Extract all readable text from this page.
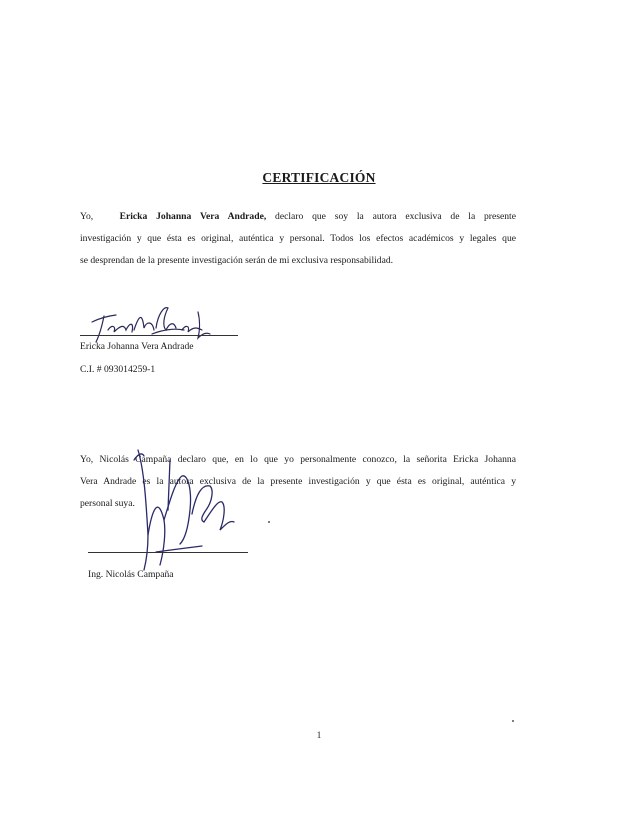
CERTIFICACIÓN
Yo,	Ericka Johanna Vera Andrade, declaro que soy la autora exclusiva de la presente
investigación y que ésta es original, auténtica y personal. Todos los efectos académicos y legales que
se desprendan de la presente investigación serán de mi exclusiva responsabilidad.
Ericka Johanna Vera Andrade
C.I. # 093014259-1
Yo, Nicolás Campaña declaro que, en lo que yo personalmente conozco, la señorita Ericka Johanna
Vera Andrade es la autora exclusiva de la presente investigación y que ésta es original, auténtica y
personal suya.
Ing. Nicolás Campaña
1
